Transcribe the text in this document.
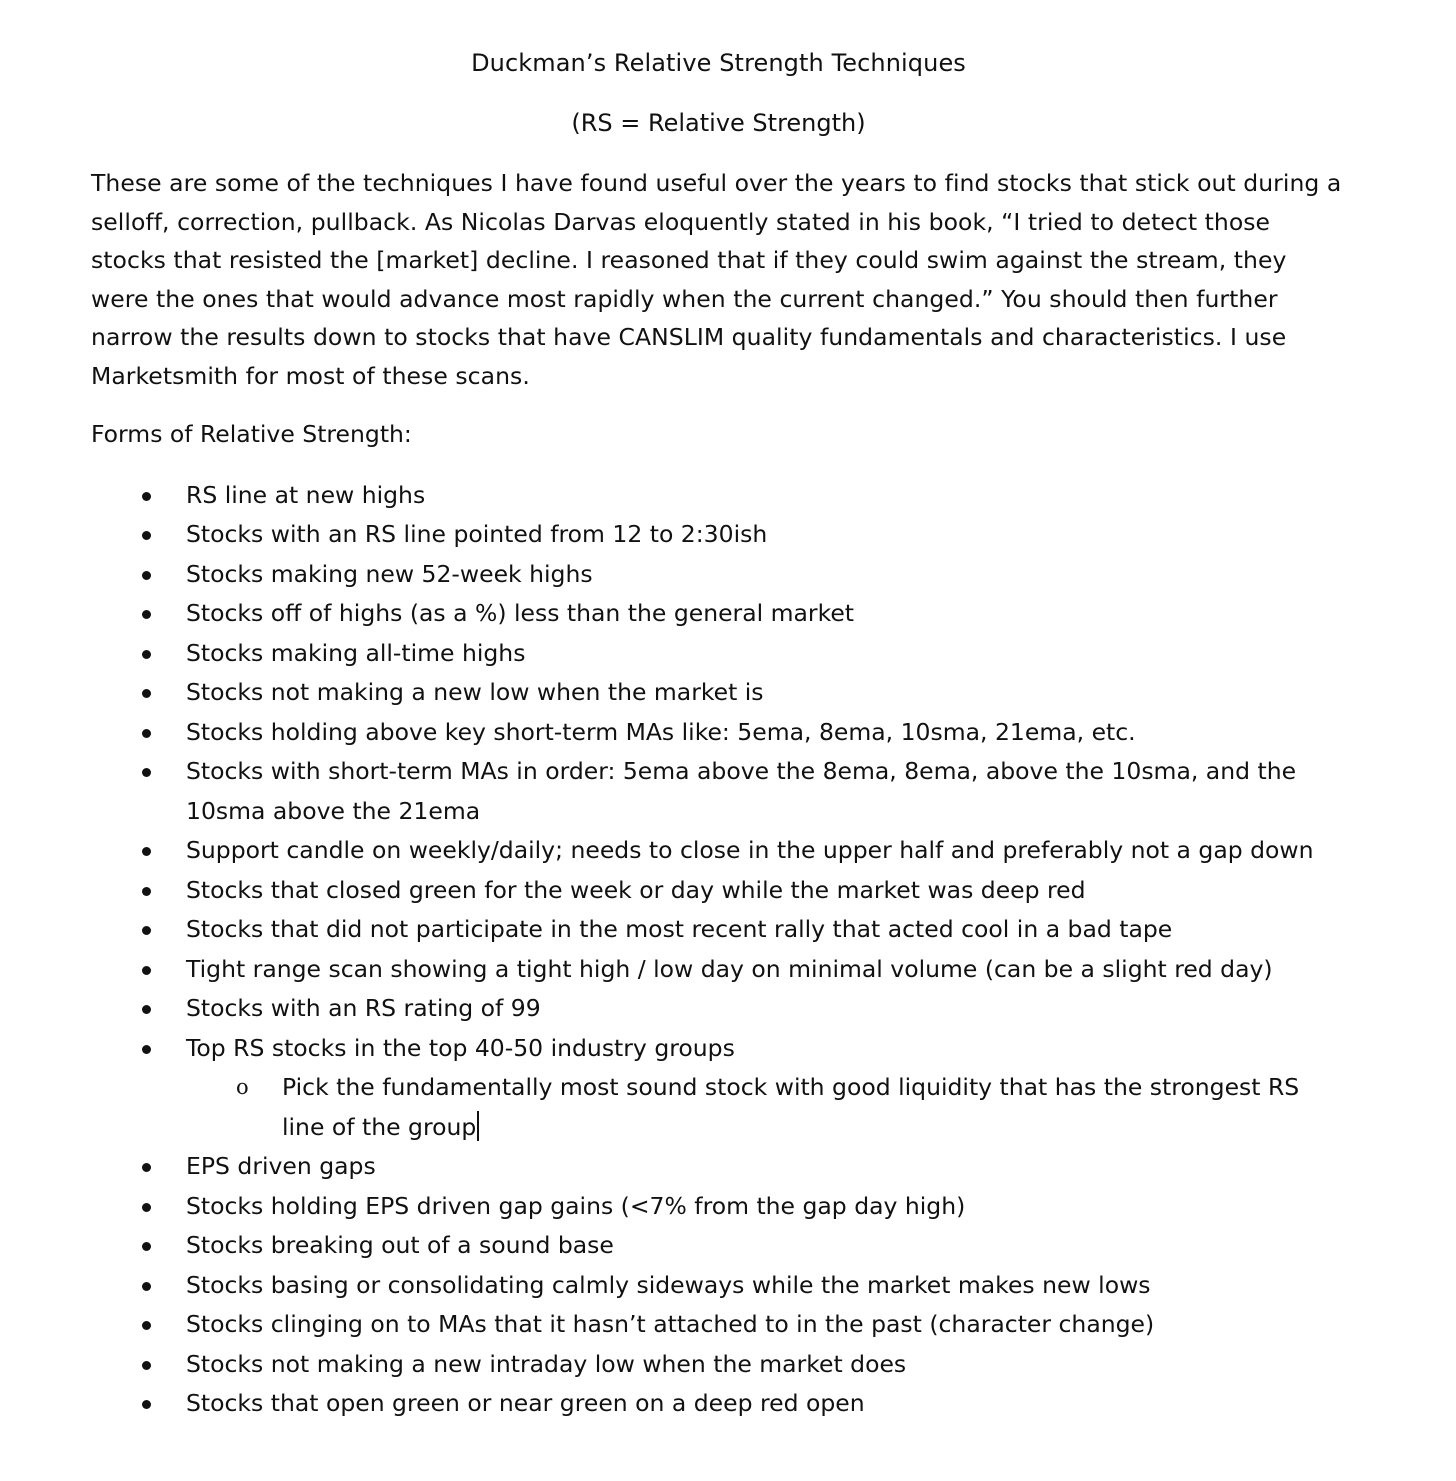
Duckman’s Relative Strength Techniques
(RS = Relative Strength)

These are some of the techniques I have found useful over the years to find stocks that stick out during a selloff, correction, pullback. As Nicolas Darvas eloquently stated in his book, “I tried to detect those stocks that resisted the [market] decline. I reasoned that if they could swim against the stream, they were the ones that would advance most rapidly when the current changed.” You should then further narrow the results down to stocks that have CANSLIM quality fundamentals and characteristics. I use Marketsmith for most of these scans.

Forms of Relative Strength:

RS line at new highs
Stocks with an RS line pointed from 12 to 2:30ish
Stocks making new 52-week highs
Stocks off of highs (as a %) less than the general market
Stocks making all-time highs
Stocks not making a new low when the market is
Stocks holding above key short-term MAs like: 5ema, 8ema, 10sma, 21ema, etc.
Stocks with short-term MAs in order: 5ema above the 8ema, 8ema, above the 10sma, and the 10sma above the 21ema
Support candle on weekly/daily; needs to close in the upper half and preferably not a gap down
Stocks that closed green for the week or day while the market was deep red
Stocks that did not participate in the most recent rally that acted cool in a bad tape
Tight range scan showing a tight high / low day on minimal volume (can be a slight red day)
Stocks with an RS rating of 99
Top RS stocks in the top 40-50 industry groups
o Pick the fundamentally most sound stock with good liquidity that has the strongest RS line of the group
EPS driven gaps
Stocks holding EPS driven gap gains (<7% from the gap day high)
Stocks breaking out of a sound base
Stocks basing or consolidating calmly sideways while the market makes new lows
Stocks clinging on to MAs that it hasn’t attached to in the past (character change)
Stocks not making a new intraday low when the market does
Stocks that open green or near green on a deep red open
